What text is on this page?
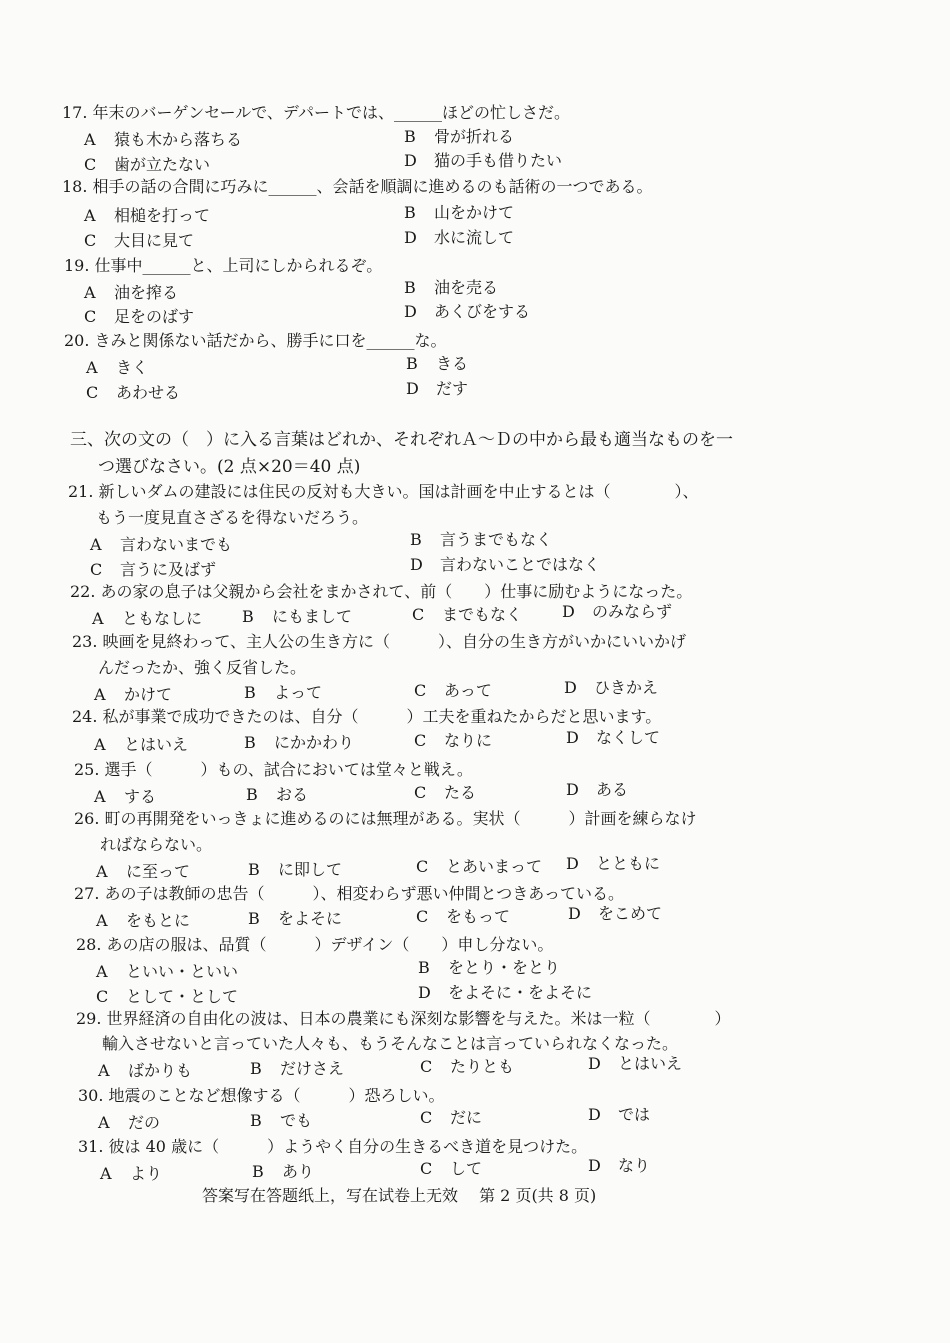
17. 年末のバーゲンセールで、デパートでは、______ほどの忙しさだ。
A 猿も木から落ちる	B 骨が折れる
C 歯が立たない	D 猫の手も借りたい
18. 相手の話の合間に巧みに______、会話を順調に進めるのも話術の一つである。
A 相槌を打って	B 山をかけて
C 大目に見て	D 水に流して
19. 仕事中______と、上司にしかられるぞ。
A 油を搾る	B 油を売る
C 足をのばす	D あくびをする
20. きみと関係ない話だから、勝手に口を______な。
A きく	B きる
C あわせる	D だす
三、次の文の（　）に入る言葉はどれか、それぞれＡ～Ｄの中から最も適当なものを一
つ選びなさい。(2 点×20＝40 点)
21. 新しいダムの建設には住民の反対も大きい。国は計画を中止するとは（　　　　）、
もう一度見直さざるを得ないだろう。
A 言わないまでも	B 言うまでもなく
C 言うに及ばず	D 言わないことではなく
22. あの家の息子は父親から会社をまかされて、前（　　）仕事に励むようになった。
A ともなしに B にもまして	C までもなく D のみならず
23. 映画を見終わって、主人公の生き方に（　　　）、自分の生き方がいかにいいかげ
んだったか、強く反省した。
A かけて	B よって	C あって	D ひきかえ
24. 私が事業で成功できたのは、自分（　　　）工夫を重ねたからだと思います。
A とはいえ	B にかかわり	C なりに	D なくして
25. 選手（　　　）もの、試合においては堂々と戦え。
A する	B おる	C たる	D ある
26. 町の再開発をいっきょに進めるのには無理がある。実状（　　　）計画を練らなけ
ればならない。
A に至って	B に即して	C とあいまって D とともに
27. あの子は教師の忠告（　　　）、相変わらず悪い仲間とつきあっている。
A をもとに	B をよそに	C をもって	D をこめて
28. あの店の服は、品質（　　　）デザイン（　　）申し分ない。
A といい・といい	B をとり・をとり
C として・として	D をよそに・をよそに
29. 世界経済の自由化の波は、日本の農業にも深刻な影響を与えた。米は一粒（　　　　）
輸入させないと言っていた人々も、もうそんなことは言っていられなくなった。
A ばかりも	B だけさえ	C たりとも	D とはいえ
30. 地震のことなど想像する（　　　）恐ろしい。
A だの	B でも	C だに	D では
31. 彼は 40 歳に（　　　）ようやく自分の生きるべき道を見つけた。
A より	B あり	C して	D なり
答案写在答题纸上，写在试卷上无效　 第 2 页(共 8 页)
